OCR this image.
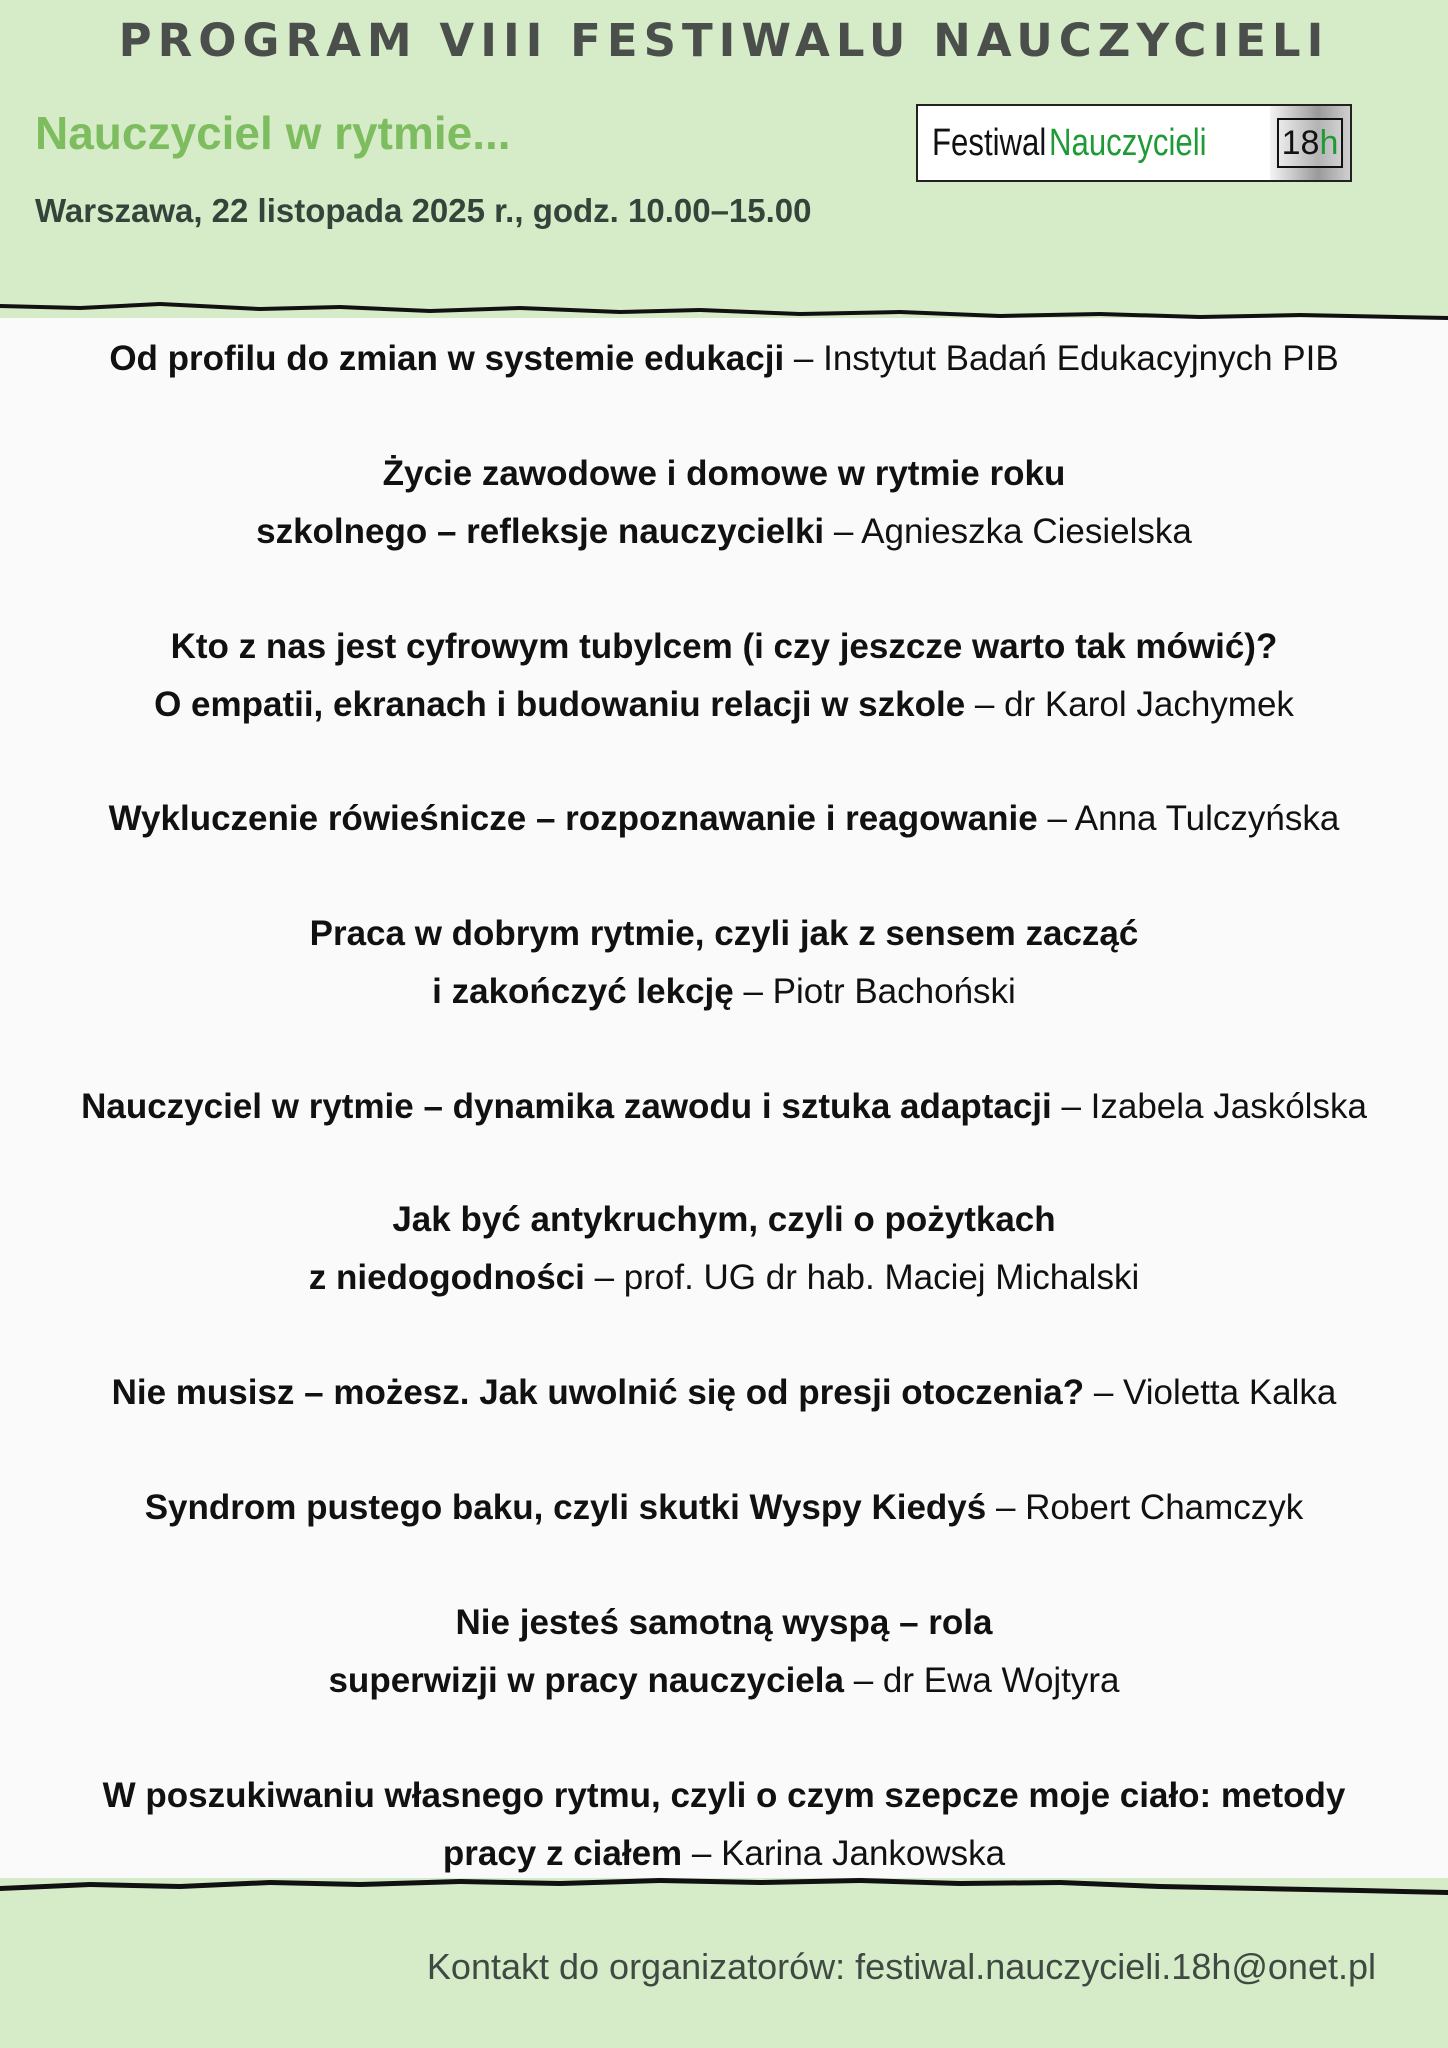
PROGRAM VIII FESTIWALU NAUCZYCIELI
Nauczyciel w rytmie...
Warszawa, 22 listopada 2025 r., godz. 10.00–15.00
Festiwal Nauczycieli 18h
Od profilu do zmian w systemie edukacji – Instytut Badań Edukacyjnych PIB
Życie zawodowe i domowe w rytmie roku
szkolnego – refleksje nauczycielki – Agnieszka Ciesielska
Kto z nas jest cyfrowym tubylcem (i czy jeszcze warto tak mówić)?
O empatii, ekranach i budowaniu relacji w szkole – dr Karol Jachymek
Wykluczenie rówieśnicze – rozpoznawanie i reagowanie – Anna Tulczyńska
Praca w dobrym rytmie, czyli jak z sensem zacząć
i zakończyć lekcję – Piotr Bachoński
Nauczyciel w rytmie – dynamika zawodu i sztuka adaptacji – Izabela Jaskólska
Jak być antykruchym, czyli o pożytkach
z niedogodności – prof. UG dr hab. Maciej Michalski
Nie musisz – możesz. Jak uwolnić się od presji otoczenia? – Violetta Kalka
Syndrom pustego baku, czyli skutki Wyspy Kiedyś – Robert Chamczyk
Nie jesteś samotną wyspą – rola
superwizji w pracy nauczyciela – dr Ewa Wojtyra
W poszukiwaniu własnego rytmu, czyli o czym szepcze moje ciało: metody
pracy z ciałem – Karina Jankowska
Kontakt do organizatorów: festiwal.nauczycieli.18h@onet.pl
